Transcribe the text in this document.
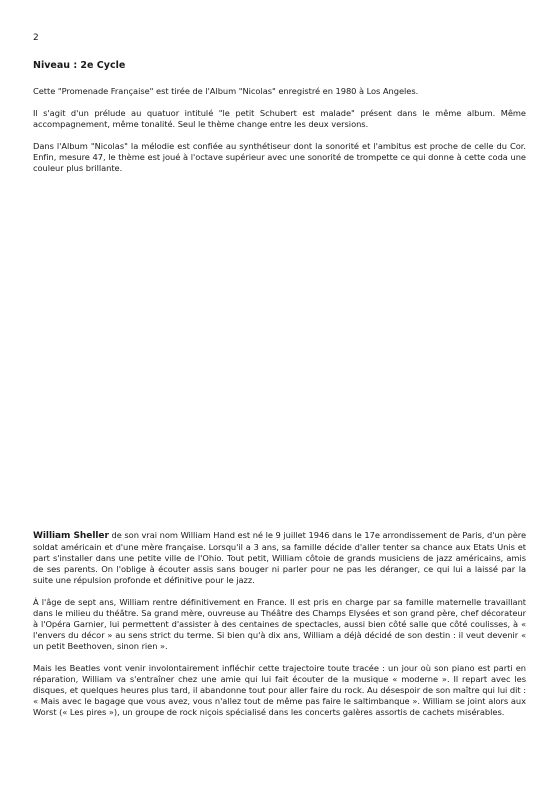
2
Niveau : 2e Cycle

Cette "Promenade Française" est tirée de l'Album "Nicolas" enregistré en 1980 à Los Angeles.

Il s'agit d'un prélude au quatuor intitulé "le petit Schubert est malade" présent dans le même album. Même accompagnement, même tonalité. Seul le thème change entre les deux versions.

Dans l'Album "Nicolas" la mélodie est confiée au synthétiseur dont la sonorité et l'ambitus est proche de celle du Cor. Enfin, mesure 47, le thème est joué à l'octave supérieur avec une sonorité de trompette ce qui donne à cette coda une couleur plus brillante.

William Sheller de son vrai nom William Hand est né le 9 juillet 1946 dans le 17e arrondissement de Paris, d'un père soldat américain et d'une mère française. Lorsqu'il a 3 ans, sa famille décide d'aller tenter sa chance aux Etats Unis et part s'installer dans une petite ville de l'Ohio. Tout petit, William côtoie de grands musiciens de jazz américains, amis de ses parents. On l'oblige à écouter assis sans bouger ni parler pour ne pas les déranger, ce qui lui a laissé par la suite une répulsion profonde et définitive pour le jazz.

À l'âge de sept ans, William rentre définitivement en France. Il est pris en charge par sa famille maternelle travaillant dans le milieu du théâtre. Sa grand mère, ouvreuse au Théâtre des Champs Elysées et son grand père, chef décorateur à l'Opéra Garnier, lui permettent d'assister à des centaines de spectacles, aussi bien côté salle que côté coulisses, à « l'envers du décor » au sens strict du terme. Si bien qu'à dix ans, William a déjà décidé de son destin : il veut devenir « un petit Beethoven, sinon rien ».

Mais les Beatles vont venir involontairement infléchir cette trajectoire toute tracée : un jour où son piano est parti en réparation, William va s'entraîner chez une amie qui lui fait écouter de la musique « moderne ». Il repart avec les disques, et quelques heures plus tard, il abandonne tout pour aller faire du rock. Au désespoir de son maître qui lui dit : « Mais avec le bagage que vous avez, vous n'allez tout de même pas faire le saltimbanque ». William se joint alors aux Worst (« Les pires »), un groupe de rock niçois spécialisé dans les concerts galères assortis de cachets misérables.
